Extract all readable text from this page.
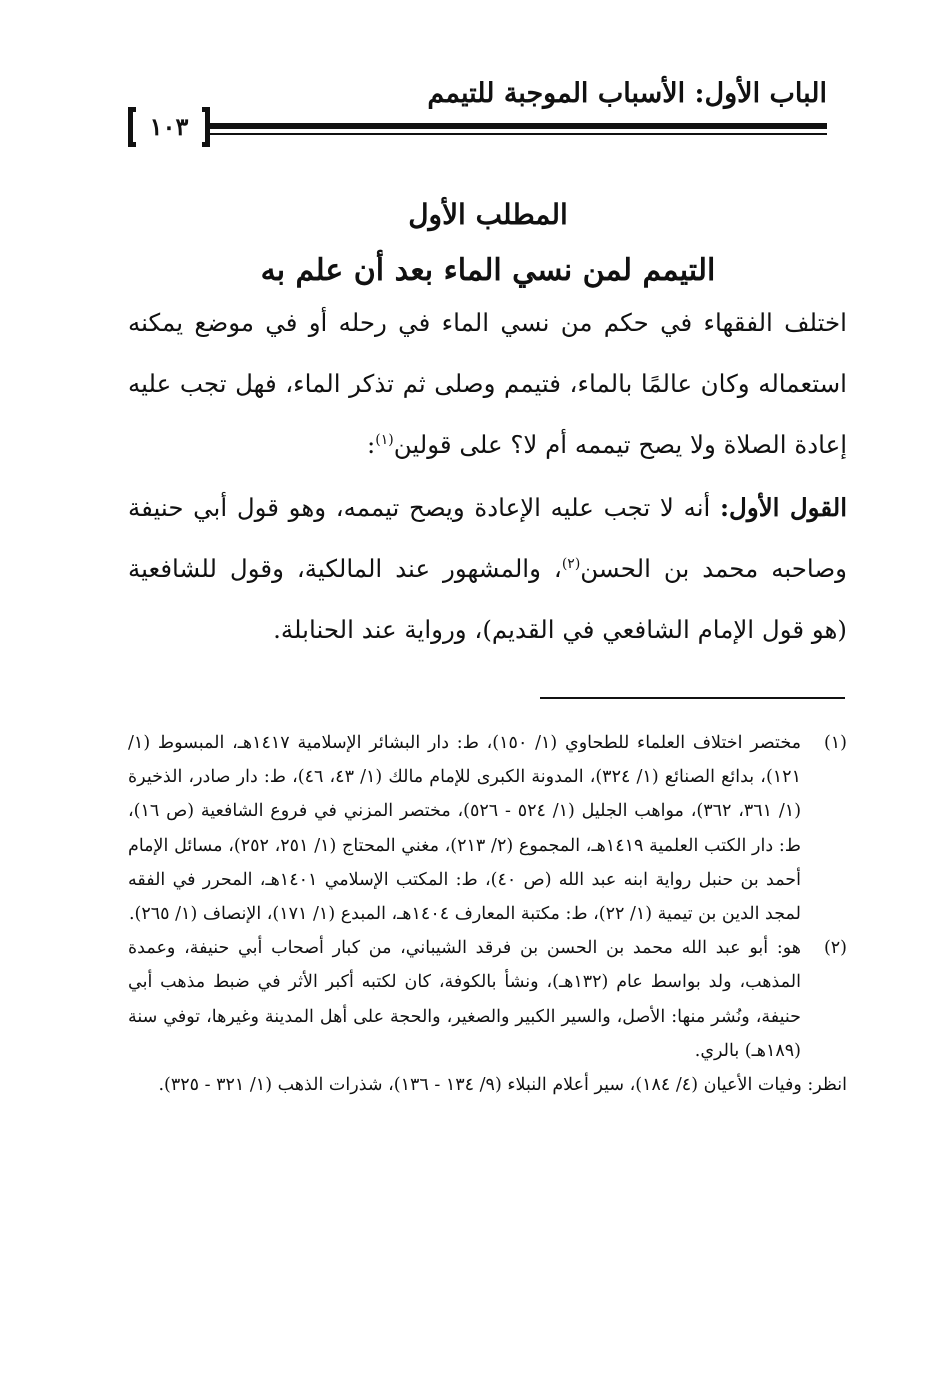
الباب الأول: الأسباب الموجبة للتيمم
١٠٣
المطلب الأول
التيمم لمن نسي الماء بعد أن علم به

اختلف الفقهاء في حكم من نسي الماء في رحله أو في موضع يمكنه استعماله وكان عالمًا بالماء، فتيمم وصلى ثم تذكر الماء، فهل تجب عليه إعادة الصلاة ولا يصح تيممه أم لا؟ على قولين$^{(١)}$:

القول الأول: أنه لا تجب عليه الإعادة ويصح تيممه، وهو قول أبي حنيفة وصاحبه محمد بن الحسن$^{(٢)}$، والمشهور عند المالكية، وقول للشافعية (هو قول الإمام الشافعي في القديم)، ورواية عند الحنابلة.

(١)
مختصر اختلاف العلماء للطحاوي (١/ ١٥٠)، ط: دار البشائر الإسلامية ١٤١٧هـ، المبسوط (١/ ١٢١)، بدائع الصنائع (١/ ٣٢٤)، المدونة الكبرى للإمام مالك (١/ ٤٣، ٤٦)، ط: دار صادر، الذخيرة (١/ ٣٦١، ٣٦٢)، مواهب الجليل (١/ ٥٢٤ - ٥٢٦)، مختصر المزني في فروع الشافعية (ص ١٦)، ط: دار الكتب العلمية ١٤١٩هـ، المجموع (٢/ ٢١٣)، مغني المحتاج (١/ ٢٥١، ٢٥٢)، مسائل الإمام أحمد بن حنبل رواية ابنه عبد الله (ص ٤٠)، ط: المكتب الإسلامي ١٤٠١هـ، المحرر في الفقه لمجد الدين بن تيمية (١/ ٢٢)، ط: مكتبة المعارف ١٤٠٤هـ، المبدع (١/ ١٧١)، الإنصاف (١/ ٢٦٥).

(٢)
هو: أبو عبد الله محمد بن الحسن بن فرقد الشيباني، من كبار أصحاب أبي حنيفة، وعمدة المذهب، ولد بواسط عام (١٣٢هـ)، ونشأ بالكوفة، كان لكتبه أكبر الأثر في ضبط مذهب أبي حنيفة، ونُشر منها: الأصل، والسير الكبير والصغير، والحجة على أهل المدينة وغيرها، توفي سنة (١٨٩هـ) بالري.

انظر: وفيات الأعيان (٤/ ١٨٤)، سير أعلام النبلاء (٩/ ١٣٤ - ١٣٦)، شذرات الذهب (١/ ٣٢١ - ٣٢٥).
